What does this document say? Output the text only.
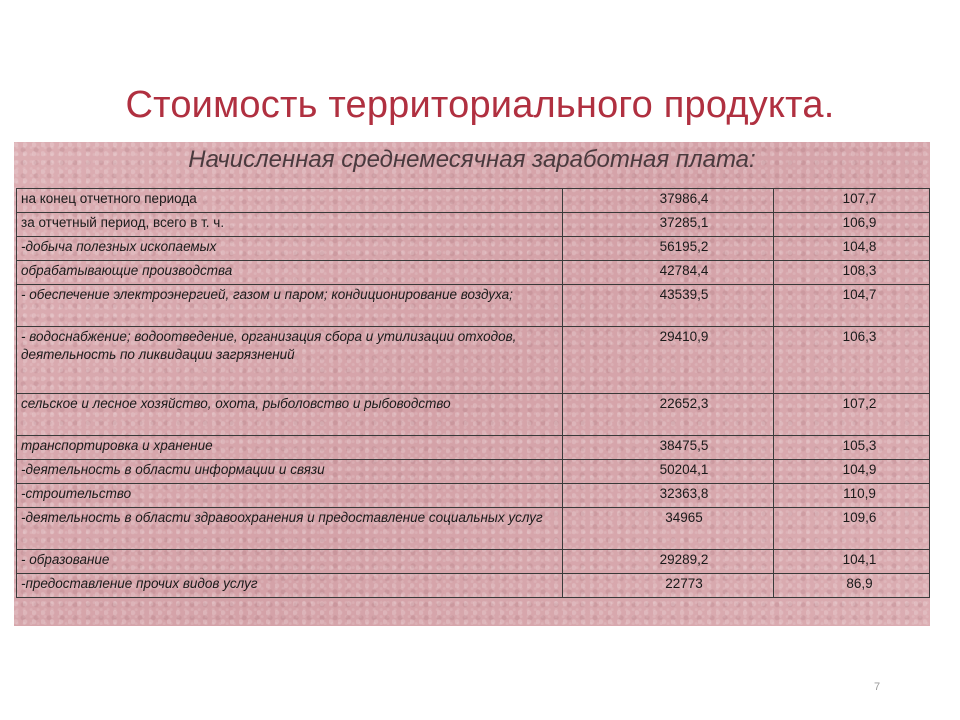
Стоимость территориального продукта.
Начисленная среднемесячная заработная плата:
на конец отчетного периода	37986,4	107,7
за отчетный период, всего в т. ч.	37285,1	106,9
-добыча полезных ископаемых	56195,2	104,8
обрабатывающие производства	42784,4	108,3
- обеспечение электроэнергией, газом и паром; кондиционирование воздуха;	43539,5	104,7
- водоснабжение; водоотведение, организация сбора и утилизации отходов, деятельность по ликвидации загрязнений	29410,9	106,3
сельское и лесное хозяйство, охота, рыболовство и рыбоводство	22652,3	107,2
транспортировка и хранение	38475,5	105,3
-деятельность в области информации и связи	50204,1	104,9
-строительство	32363,8	110,9
-деятельность в области здравоохранения и предоставление социальных услуг	34965	109,6
- образование	29289,2	104,1
-предоставление прочих видов услуг	22773	86,9
7
